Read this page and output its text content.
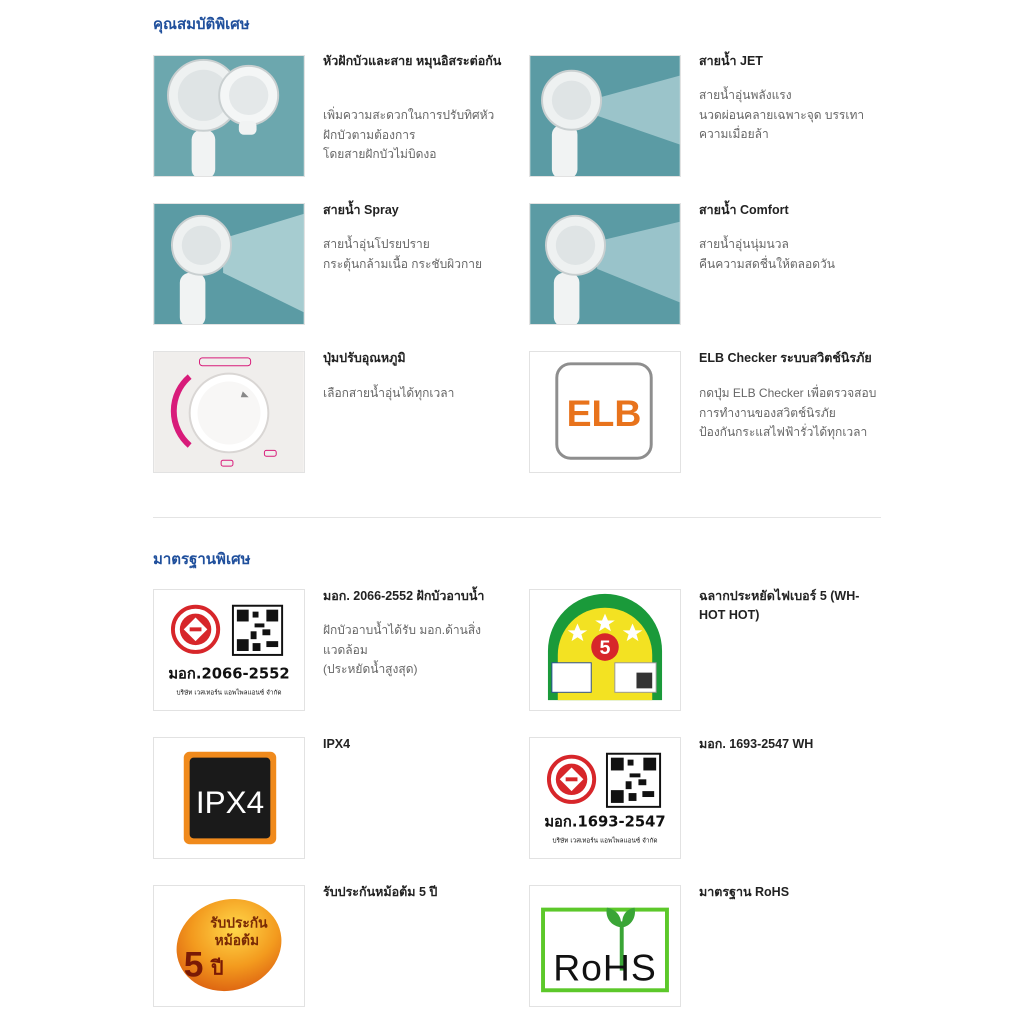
คุณสมบัติพิเศษ
หัวฝักบัวและสาย หมุนอิสระต่อกัน

เพิ่มความสะดวกในการปรับทิศหัวฝักบัวตามต้องการ
โดยสายฝักบัวไม่บิดงอ

สายน้ำ JET

สายน้ำอุ่นพลังแรง
นวดผ่อนคลายเฉพาะจุด บรรเทาความเมื่อยล้า

สายน้ำ Spray

สายน้ำอุ่นโปรยปราย
กระตุ้นกล้ามเนื้อ กระชับผิวกาย

สายน้ำ Comfort

สายน้ำอุ่นนุ่มนวล
คืนความสดชื่นให้ตลอดวัน

ปุ่มปรับอุณหภูมิ

เลือกสายน้ำอุ่นได้ทุกเวลา	ELB
ELB Checker ระบบสวิตช์นิรภัย

กดปุ่ม ELB Checker เพื่อตรวจสอบการทำงานของสวิตช์นิรภัย
ป้องกันกระแสไฟฟ้ารั่วได้ทุกเวลา

มาตรฐานพิเศษ
มอก.2066-2552
บริษัท เวสเทอร์น แอพไพลแอนซ์ จำกัด
มอก. 2066-2552 ฝักบัวอาบน้ำ

ฝักบัวอาบน้ำได้รับ มอก.ด้านสิ่งแวดล้อม
(ประหยัดน้ำสูงสุด)

5
ฉลากประหยัดไฟเบอร์ 5 (WH-HOT HOT)
IPX4
IPX4
มอก.1693-2547
บริษัท เวสเทอร์น แอพไพลแอนซ์ จำกัด
มอก. 1693-2547 WH
รับประกัน
หม้อต้ม
5 ปี
รับประกันหม้อต้ม 5 ปี
RoHS
มาตรฐาน RoHS
